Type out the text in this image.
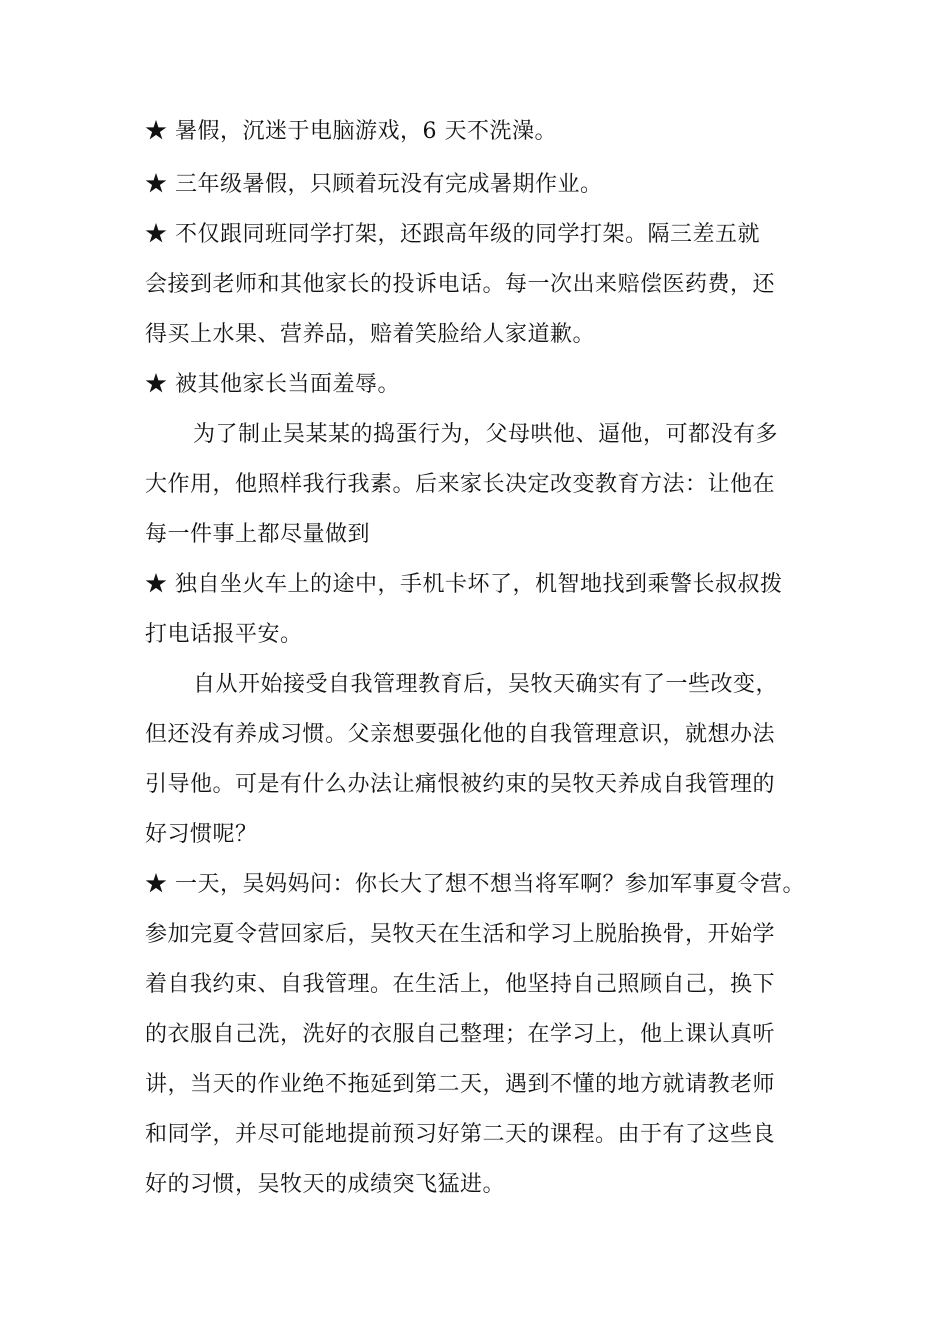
★ 暑假，沉迷于电脑游戏，6 天不洗澡。
★ 三年级暑假，只顾着玩没有完成暑期作业。
★ 不仅跟同班同学打架，还跟高年级的同学打架。隔三差五就
会接到老师和其他家长的投诉电话。每一次出来赔偿医药费，还
得买上水果、营养品，赔着笑脸给人家道歉。
★ 被其他家长当面羞辱。
为了制止吴某某的捣蛋行为，父母哄他、逼他，可都没有多
大作用，他照样我行我素。后来家长决定改变教育方法：让他在
每一件事上都尽量做到
★ 独自坐火车上的途中，手机卡坏了，机智地找到乘警长叔叔拨
打电话报平安。
自从开始接受自我管理教育后，吴牧天确实有了一些改变，
但还没有养成习惯。父亲想要强化他的自我管理意识，就想办法
引导他。可是有什么办法让痛恨被约束的吴牧天养成自我管理的
好习惯呢？
★ 一天，吴妈妈问：你长大了想不想当将军啊？参加军事夏令营。
参加完夏令营回家后，吴牧天在生活和学习上脱胎换骨，开始学
着自我约束、自我管理。在生活上，他坚持自己照顾自己，换下
的衣服自己洗，洗好的衣服自己整理；在学习上，他上课认真听
讲，当天的作业绝不拖延到第二天，遇到不懂的地方就请教老师
和同学，并尽可能地提前预习好第二天的课程。由于有了这些良
好的习惯，吴牧天的成绩突飞猛进。
